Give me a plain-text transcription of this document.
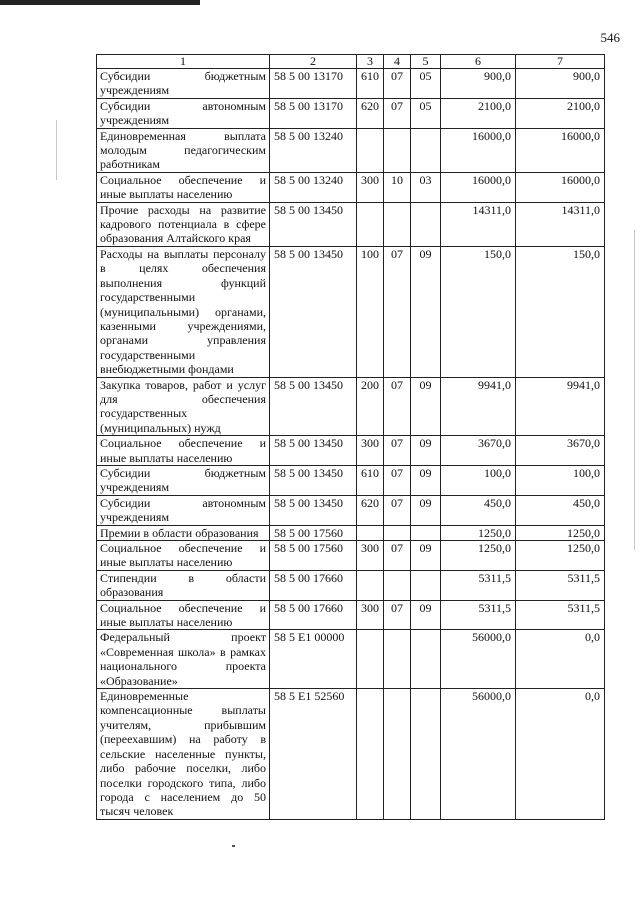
546
1	2	3	4	5	6	7
Субсидии бюджетным учреждениям	58 5 00 13170	610	07	05	900,0	900,0
Субсидии автономным учреждениям	58 5 00 13170	620	07	05	2100,0	2100,0
Единовременная выплата молодым педагогическим работникам	58 5 00 13240				16000,0	16000,0
Социальное обеспечение и иные выплаты населению	58 5 00 13240	300	10	03	16000,0	16000,0
Прочие расходы на развитие кадрового потенциала в сфере образования Алтайского края	58 5 00 13450				14311,0	14311,0
Расходы на выплаты персоналу в целях обеспечения выполнения функций государственными (муниципальными) органами, казенными учреждениями, органами управления государственными внебюджетными фондами	58 5 00 13450	100	07	09	150,0	150,0
Закупка товаров, работ и услуг для обеспечения государственных (муниципальных) нужд	58 5 00 13450	200	07	09	9941,0	9941,0
Социальное обеспечение и иные выплаты населению	58 5 00 13450	300	07	09	3670,0	3670,0
Субсидии бюджетным учреждениям	58 5 00 13450	610	07	09	100,0	100,0
Субсидии автономным учреждениям	58 5 00 13450	620	07	09	450,0	450,0
Премии в области образования	58 5 00 17560				1250,0	1250,0
Социальное обеспечение и иные выплаты населению	58 5 00 17560	300	07	09	1250,0	1250,0
Стипендии в области образования	58 5 00 17660				5311,5	5311,5
Социальное обеспечение и иные выплаты населению	58 5 00 17660	300	07	09	5311,5	5311,5
Федеральный проект «Современная школа» в рамках национального проекта «Образование»	58 5 E1 00000				56000,0	0,0
Единовременные компенсационные выплаты учителям, прибывшим (переехавшим) на работу в сельские населенные пункты, либо рабочие поселки, либо поселки городского типа, либо города с населением до 50 тысяч человек	58 5 E1 52560				56000,0	0,0
